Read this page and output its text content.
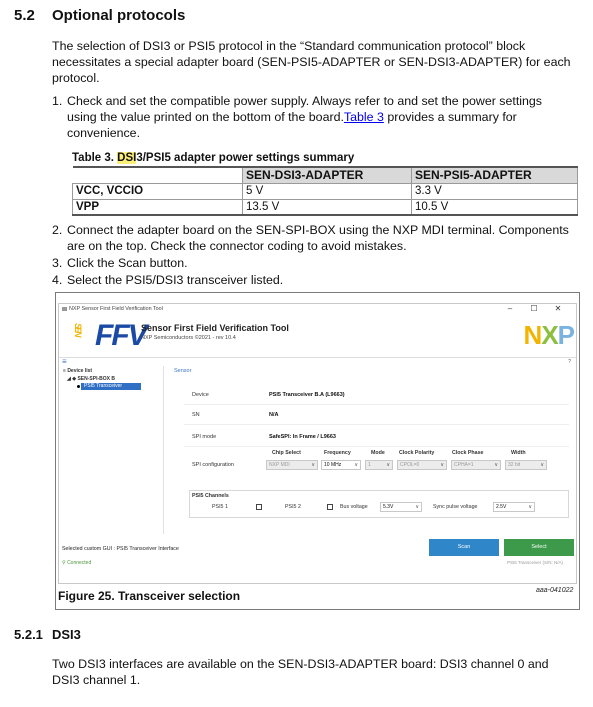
5.2 Optional protocols
The selection of DSI3 or PSI5 protocol in the “Standard communication protocol” block necessitates a special adapter board (SEN-PSI5-ADAPTER or SEN-DSI3-ADAPTER) for each protocol.
1. Check and set the compatible power supply. Always refer to and set the power settings using the value printed on the bottom of the board.Table 3 provides a summary for convenience.
Table 3. DSI3/PSI5 adapter power settings summary
	SEN-DSI3-ADAPTER	SEN-PSI5-ADAPTER
VCC, VCCIO	5 V	3.3 V
VPP	13.5 V	10.5 V
2. Connect the adapter board on the SEN-SPI-BOX using the NXP MDI terminal. Components are on the top. Check the connector coding to avoid mistakes.
3. Click the Scan button.
4. Select the PSI5/DSI3 transceiver listed.
NXP Sensor First Field Verification Tool	– ☐ ✕
SEN FFV
Sensor First Field Verification Tool
NXP Semiconductors ©2021 - rev 10.4	NXP
≡	?
≡ Device list
◢ ◆ SEN-SPI-BOX B
PSI5 Transceiver
Sensor
Device	PSI5 Transceiver B.A (L9663)
SN	N/A
SPI mode	SafeSPI: In Frame / L9663
SPI configuration
Chip Select	Frequency	Mode	Clock Polarity	Clock Phase	Width
NXP MDI	∨	10 MHz	∨	1	∨	CPOL=0	∨	CPHA=1	∨	32 bit	∨
PSI5 Channels
PSI5 1	PSI5 2	Bus voltage	5.3V	∨	Sync pulse voltage	2.5V	∨
Selected custom GUI : PSI5 Transceiver Interface
⚲ Connected
Scan	Select
PSI5 Transceiver (S/N: N/A)
aaa-041022
Figure 25. Transceiver selection
5.2.1 DSI3
Two DSI3 interfaces are available on the SEN-DSI3-ADAPTER board: DSI3 channel 0 and DSI3 channel 1.
